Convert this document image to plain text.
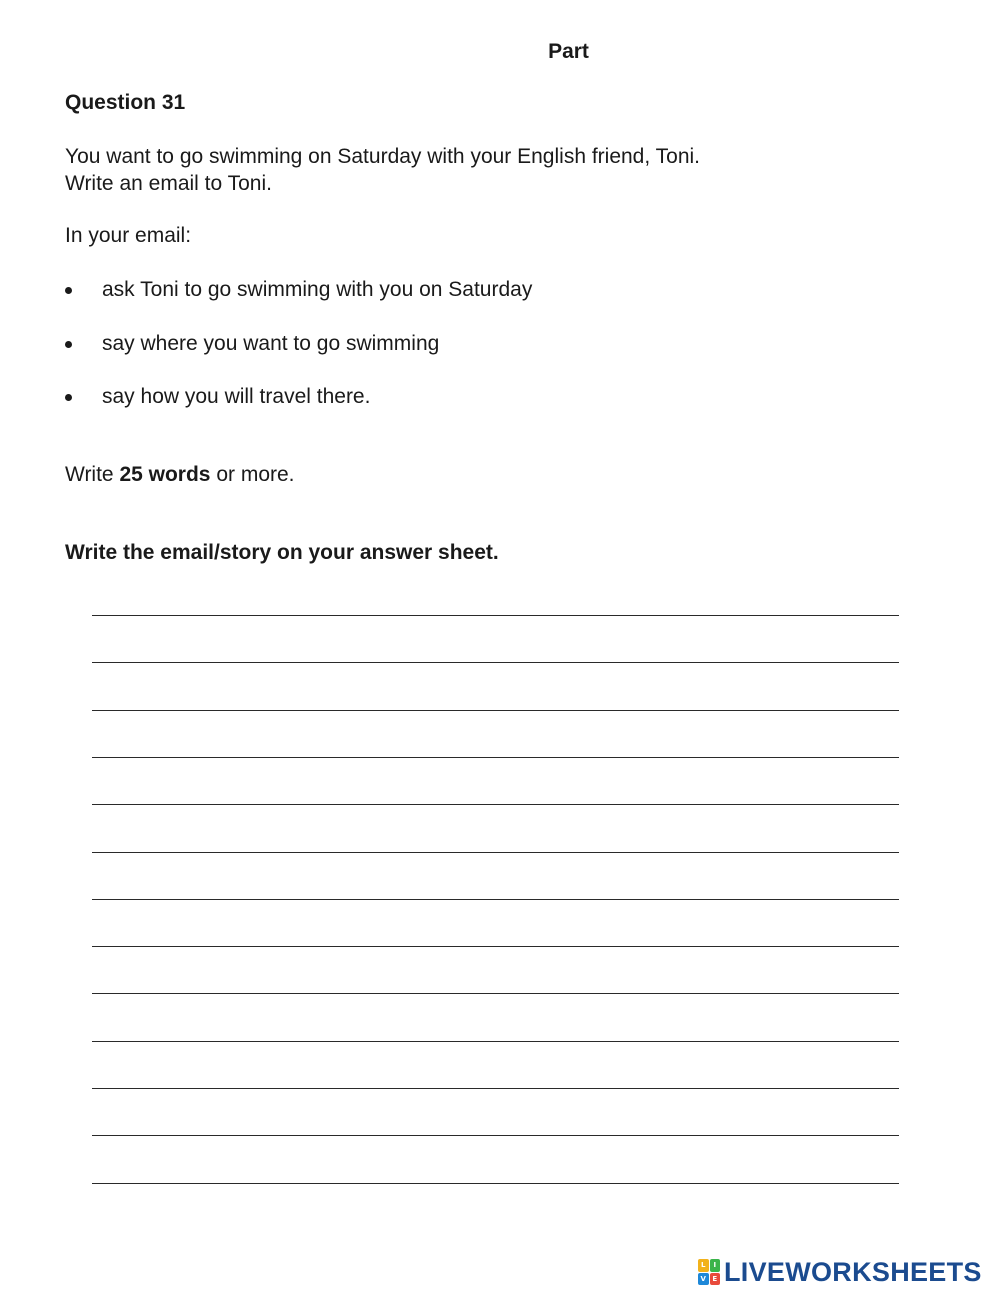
Part
Question 31

You want to go swimming on Saturday with your English friend, Toni.

Write an email to Toni.

In your email:

ask Toni to go swimming with you on Saturday
say where you want to go swimming
say how you will travel there.

Write 25 words or more.

Write the email/story on your answer sheet.

L	I
V E LIVEWORKSHEETS
